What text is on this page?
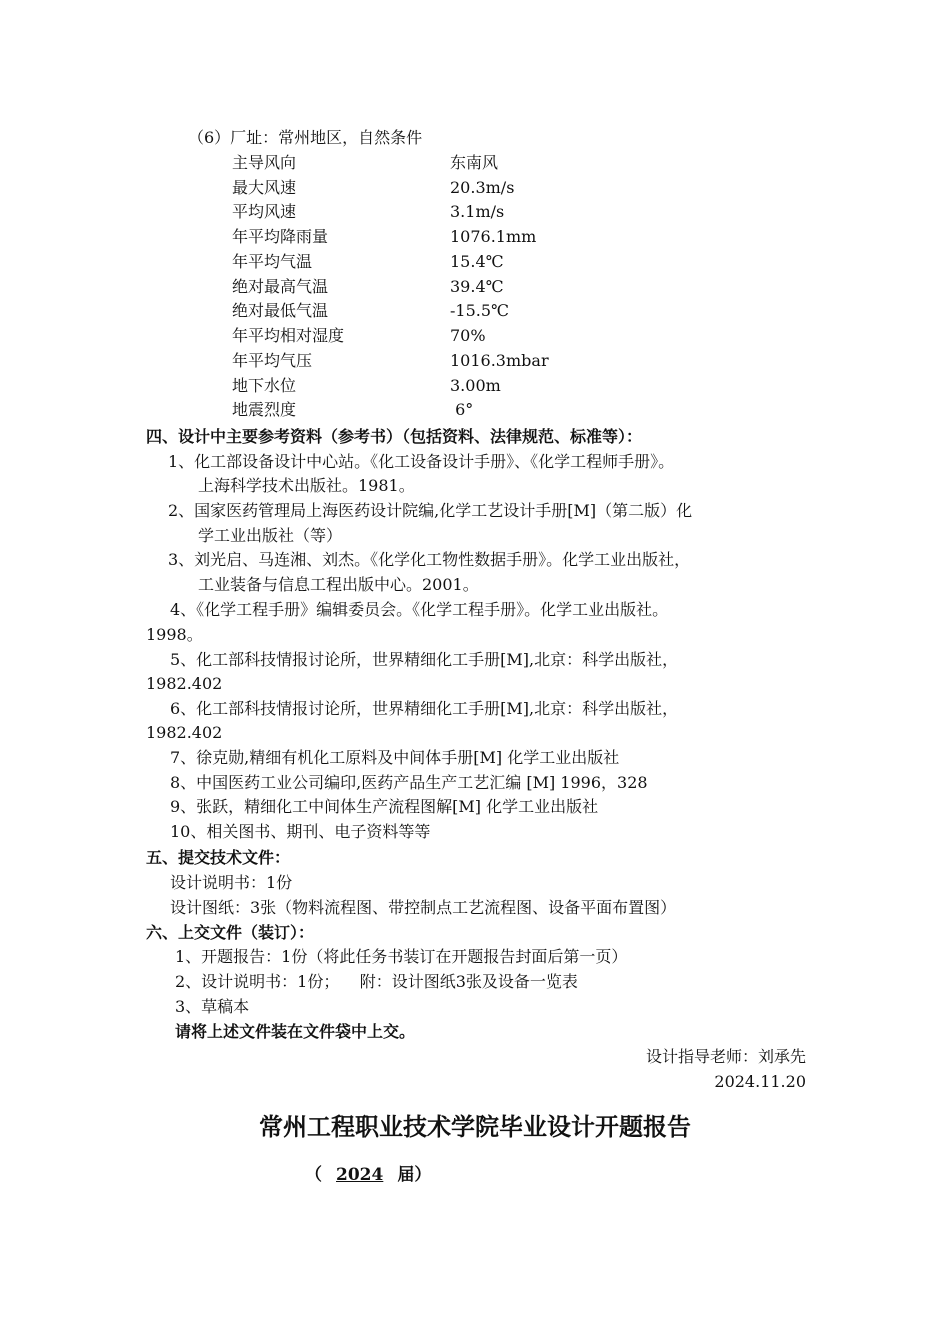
（6）厂址：常州地区，自然条件
主导风向	东南风
最大风速	20.3m/s
平均风速	3.1m/s
年平均降雨量	1076.1mm
年平均气温	15.4℃
绝对最高气温	39.4℃
绝对最低气温	-15.5℃
年平均相对湿度	70%
年平均气压	1016.3mbar
地下水位	3.00m
地震烈度	6°
四、设计中主要参考资料（参考书）（包括资料、法律规范、标准等）：
1、化工部设备设计中心站。《化工设备设计手册》、《化学工程师手册》。
上海科学技术出版社。1981。
2、国家医药管理局上海医药设计院编,化学工艺设计手册[M]（第二版）化
学工业出版社（等）
3、刘光启、马连湘、刘杰。《化学化工物性数据手册》。化学工业出版社，
工业装备与信息工程出版中心。2001。
4、《化学工程手册》编辑委员会。《化学工程手册》。化学工业出版社。
1998。
5、化工部科技情报讨论所，世界精细化工手册[M],北京：科学出版社，
1982.402
6、化工部科技情报讨论所，世界精细化工手册[M],北京：科学出版社，
1982.402
7、徐克勋,精细有机化工原料及中间体手册[M] 化学工业出版社
8、中国医药工业公司编印,医药产品生产工艺汇编 [M] 1996，328
9、张跃，精细化工中间体生产流程图解[M] 化学工业出版社
10、相关图书、期刊、电子资料等等
五、提交技术文件：
设计说明书：1份
设计图纸：3张（物料流程图、带控制点工艺流程图、设备平面布置图）
六、上交文件（装订）：
1、开题报告：1份（将此任务书装订在开题报告封面后第一页）
2、设计说明书：1份；    附：设计图纸3张及设备一览表
3、草稿本
请将上述文件装在文件袋中上交。
设计指导老师：刘承先
2024.11.20
常州工程职业技术学院毕业设计开题报告
（ 2024 届）
